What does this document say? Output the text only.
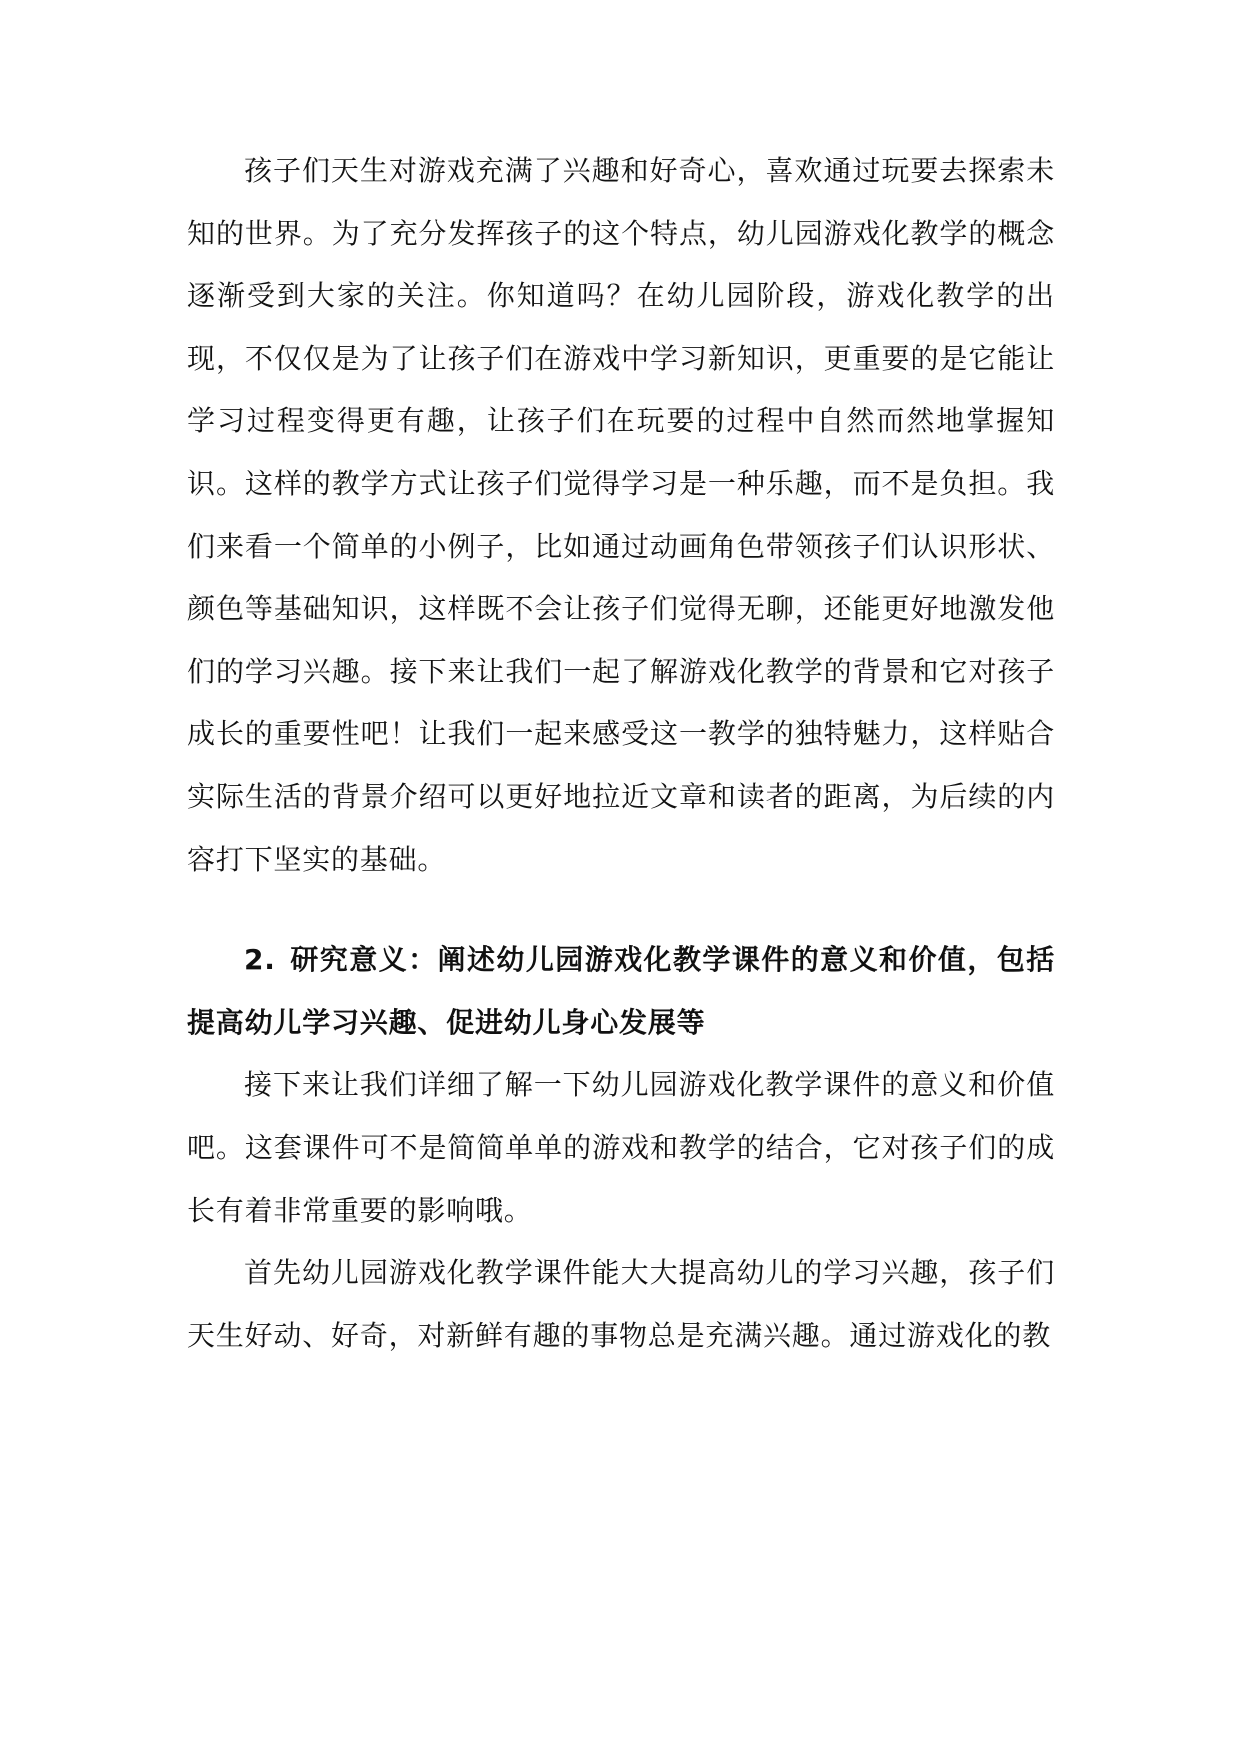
孩子们天生对游戏充满了兴趣和好奇心，喜欢通过玩要去探索未知的世界。为了充分发挥孩子的这个特点，幼儿园游戏化教学的概念逐渐受到大家的关注。你知道吗？在幼儿园阶段，游戏化教学的出现，不仅仅是为了让孩子们在游戏中学习新知识，更重要的是它能让学习过程变得更有趣，让孩子们在玩要的过程中自然而然地掌握知识。这样的教学方式让孩子们觉得学习是一种乐趣，而不是负担。我们来看一个简单的小例子，比如通过动画角色带领孩子们认识形状、颜色等基础知识，这样既不会让孩子们觉得无聊，还能更好地激发他们的学习兴趣。接下来让我们一起了解游戏化教学的背景和它对孩子成长的重要性吧！让我们一起来感受这一教学的独特魅力，这样贴合实际生活的背景介绍可以更好地拉近文章和读者的距离，为后续的内容打下坚实的基础。

2. 研究意义：阐述幼儿园游戏化教学课件的意义和价值，包括提高幼儿学习兴趣、促进幼儿身心发展等

接下来让我们详细了解一下幼儿园游戏化教学课件的意义和价值吧。这套课件可不是简简单单的游戏和教学的结合，它对孩子们的成长有着非常重要的影响哦。

首先幼儿园游戏化教学课件能大大提高幼儿的学习兴趣，孩子们天生好动、好奇，对新鲜有趣的事物总是充满兴趣。通过游戏化的教
